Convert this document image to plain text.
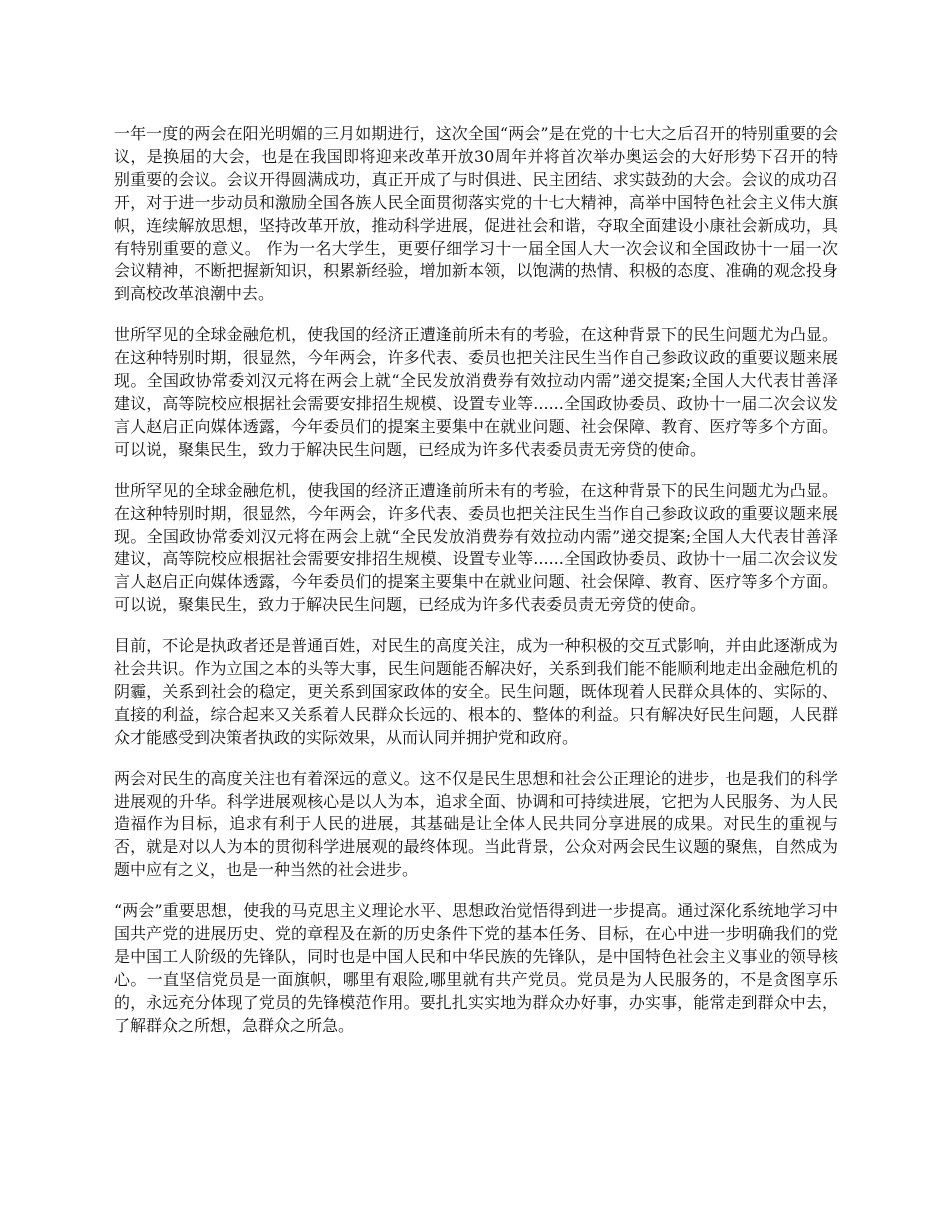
一年一度的两会在阳光明媚的三月如期进行，这次全国“两会”是在党的十七大之后召开的特别重要的会议，是换届的大会，也是在我国即将迎来改革开放30周年并将首次举办奥运会的大好形势下召开的特别重要的会议。会议开得圆满成功，真正开成了与时俱进、民主团结、求实鼓劲的大会。会议的成功召开，对于进一步动员和激励全国各族人民全面贯彻落实党的十七大精神，高举中国特色社会主义伟大旗帜，连续解放思想，坚持改革开放，推动科学进展，促进社会和谐，夺取全面建设小康社会新成功，具有特别重要的意义。 作为一名大学生，更要仔细学习十一届全国人大一次会议和全国政协十一届一次会议精神，不断把握新知识，积累新经验，增加新本领，以饱满的热情、积极的态度、准确的观念投身到高校改革浪潮中去。

世所罕见的全球金融危机，使我国的经济正遭逢前所未有的考验，在这种背景下的民生问题尤为凸显。在这种特别时期，很显然，今年两会，许多代表、委员也把关注民生当作自己参政议政的重要议题来展现。全国政协常委刘汉元将在两会上就“全民发放消费券有效拉动内需”递交提案;全国人大代表甘善泽建议，高等院校应根据社会需要安排招生规模、设置专业等......全国政协委员、政协十一届二次会议发言人赵启正向媒体透露，今年委员们的提案主要集中在就业问题、社会保障、教育、医疗等多个方面。可以说，聚集民生，致力于解决民生问题，已经成为许多代表委员责无旁贷的使命。

世所罕见的全球金融危机，使我国的经济正遭逢前所未有的考验，在这种背景下的民生问题尤为凸显。在这种特别时期，很显然，今年两会，许多代表、委员也把关注民生当作自己参政议政的重要议题来展现。全国政协常委刘汉元将在两会上就“全民发放消费券有效拉动内需”递交提案;全国人大代表甘善泽建议，高等院校应根据社会需要安排招生规模、设置专业等......全国政协委员、政协十一届二次会议发言人赵启正向媒体透露，今年委员们的提案主要集中在就业问题、社会保障、教育、医疗等多个方面。可以说，聚集民生，致力于解决民生问题，已经成为许多代表委员责无旁贷的使命。

目前，不论是执政者还是普通百姓，对民生的高度关注，成为一种积极的交互式影响，并由此逐渐成为社会共识。作为立国之本的头等大事，民生问题能否解决好，关系到我们能不能顺利地走出金融危机的阴霾，关系到社会的稳定，更关系到国家政体的安全。民生问题，既体现着人民群众具体的、实际的、直接的利益，综合起来又关系着人民群众长远的、根本的、整体的利益。只有解决好民生问题，人民群众才能感受到决策者执政的实际效果，从而认同并拥护党和政府。

两会对民生的高度关注也有着深远的意义。这不仅是民生思想和社会公正理论的进步，也是我们的科学进展观的升华。科学进展观核心是以人为本，追求全面、协调和可持续进展，它把为人民服务、为人民造福作为目标，追求有利于人民的进展，其基础是让全体人民共同分享进展的成果。对民生的重视与否，就是对以人为本的贯彻科学进展观的最终体现。当此背景，公众对两会民生议题的聚焦，自然成为题中应有之义，也是一种当然的社会进步。

“两会”重要思想，使我的马克思主义理论水平、思想政治觉悟得到进一步提高。通过深化系统地学习中国共产党的进展历史、党的章程及在新的历史条件下党的基本任务、目标，在心中进一步明确我们的党是中国工人阶级的先锋队，同时也是中国人民和中华民族的先锋队，是中国特色社会主义事业的领导核心。一直坚信党员是一面旗帜，哪里有艰险,哪里就有共产党员。党员是为人民服务的，不是贪图享乐的，永远充分体现了党员的先锋模范作用。要扎扎实实地为群众办好事，办实事，能常走到群众中去，了解群众之所想，急群众之所急。
